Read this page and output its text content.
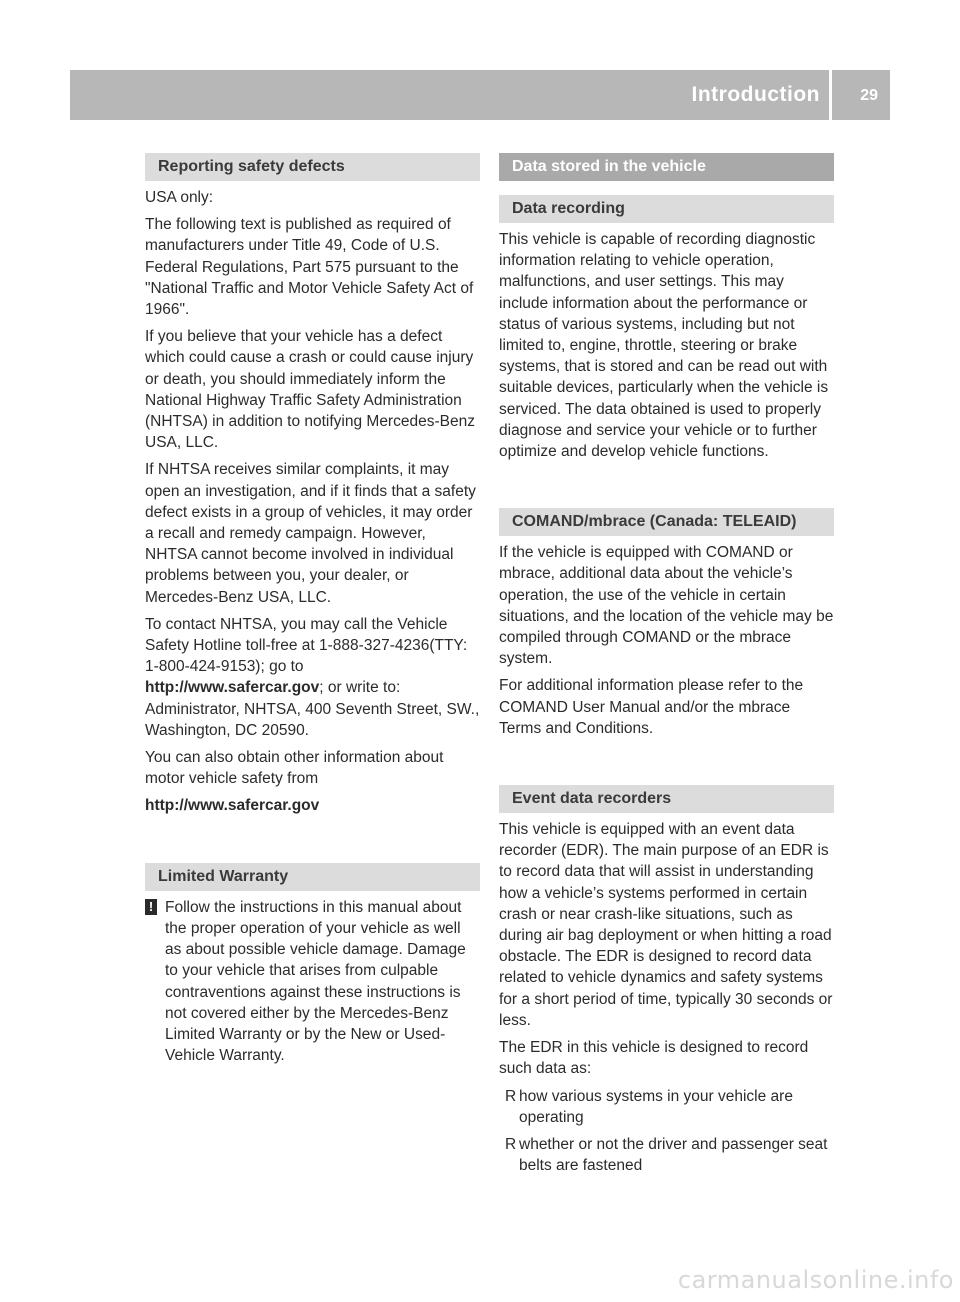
Introduction	29
Reporting safety defects

USA only:

The following text is published as required of manufacturers under Title 49, Code of U.S. Federal Regulations, Part 575 pursuant to the "National Traffic and Motor Vehicle Safety Act of 1966".

If you believe that your vehicle has a defect which could cause a crash or could cause injury or death, you should immediately inform the National Highway Traffic Safety Administration (NHTSA) in addition to notifying Mercedes-Benz USA, LLC.

If NHTSA receives similar complaints, it may open an investigation, and if it finds that a safety defect exists in a group of vehicles, it may order a recall and remedy campaign. However, NHTSA cannot become involved in individual problems between you, your dealer, or Mercedes-Benz USA, LLC.

To contact NHTSA, you may call the Vehicle Safety Hotline toll-free at 1-888-327-4236(TTY: 1-800-424-9153); go to http://www.safercar.gov; or write to: Administrator, NHTSA, 400 Seventh Street, SW., Washington, DC 20590.

You can also obtain other information about motor vehicle safety from

http://www.safercar.gov

Limited Warranty
! Follow the instructions in this manual about the proper operation of your vehicle as well as about possible vehicle damage. Damage to your vehicle that arises from culpable contraventions against these instructions is not covered either by the Mercedes-Benz Limited Warranty or by the New or Used-Vehicle Warranty.
Data stored in the vehicle
Data recording

This vehicle is capable of recording diagnostic information relating to vehicle operation, malfunctions, and user settings. This may include information about the performance or status of various systems, including but not limited to, engine, throttle, steering or brake systems, that is stored and can be read out with suitable devices, particularly when the vehicle is serviced. The data obtained is used to properly diagnose and service your vehicle or to further optimize and develop vehicle functions.

COMAND/mbrace (Canada: TELEAID)

If the vehicle is equipped with COMAND or mbrace, additional data about the vehicle’s operation, the use of the vehicle in certain situations, and the location of the vehicle may be compiled through COMAND or the mbrace system.

For additional information please refer to the COMAND User Manual and/or the mbrace Terms and Conditions.

Event data recorders

This vehicle is equipped with an event data recorder (EDR). The main purpose of an EDR is to record data that will assist in understanding how a vehicle’s systems performed in certain crash or near crash-like situations, such as during air bag deployment or when hitting a road obstacle. The EDR is designed to record data related to vehicle dynamics and safety systems for a short period of time, typically 30 seconds or less.

The EDR in this vehicle is designed to record such data as:

R how various systems in your vehicle are operating
R whether or not the driver and passenger seat belts are fastened
carmanualsonline.info
